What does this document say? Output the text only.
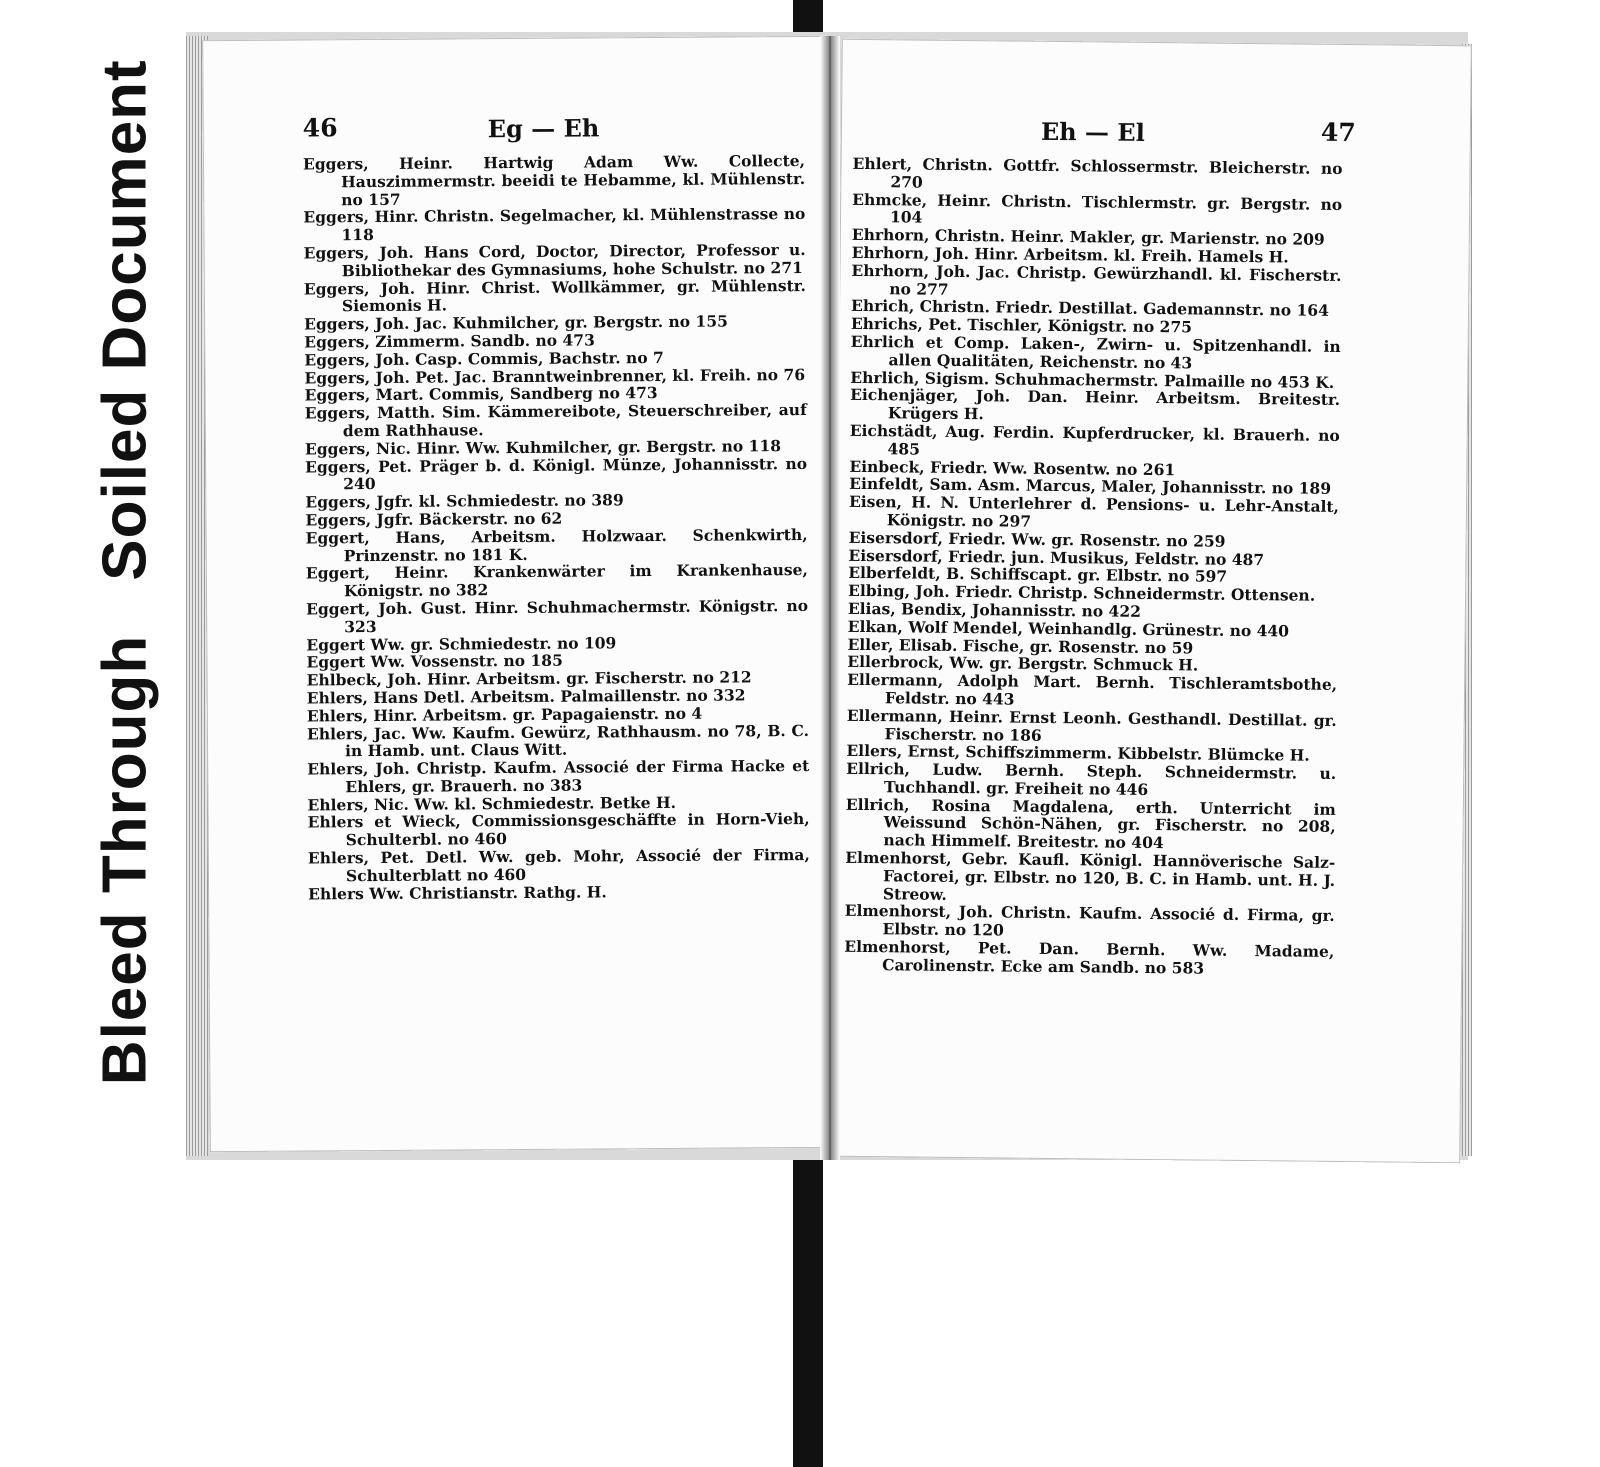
Soiled Document
Bleed Through
46	Eg — Eh

Eggers, Heinr. Hartwig Adam Ww. Collecte, Hauszimmermstr. beeidi te Hebamme, kl. Mühlenstr. no 157

Eggers, Hinr. Christn. Segelmacher, kl. Mühlenstrasse no 118

Eggers, Joh. Hans Cord, Doctor, Director, Professor u. Bibliothekar des Gymnasiums, hohe Schulstr. no 271

Eggers, Joh. Hinr. Christ. Wollkämmer, gr. Mühlenstr. Siemonis H.

Eggers, Joh. Jac. Kuhmilcher, gr. Bergstr. no 155

Eggers, Zimmerm. Sandb. no 473

Eggers, Joh. Casp. Commis, Bachstr. no 7

Eggers, Joh. Pet. Jac. Branntweinbrenner, kl. Freih. no 76

Eggers, Mart. Commis, Sandberg no 473

Eggers, Matth. Sim. Kämmereibote, Steuerschreiber, auf dem Rathhause.

Eggers, Nic. Hinr. Ww. Kuhmilcher, gr. Bergstr. no 118

Eggers, Pet. Präger b. d. Königl. Münze, Johannisstr. no 240

Eggers, Jgfr. kl. Schmiedestr. no 389

Eggers, Jgfr. Bäckerstr. no 62

Eggert, Hans, Arbeitsm. Holzwaar. Schenkwirth, Prinzenstr. no 181 K.

Eggert, Heinr. Krankenwärter im Krankenhause, Königstr. no 382

Eggert, Joh. Gust. Hinr. Schuhmachermstr. Königstr. no 323

Eggert Ww. gr. Schmiedestr. no 109

Eggert Ww. Vossenstr. no 185

Ehlbeck, Joh. Hinr. Arbeitsm. gr. Fischerstr. no 212

Ehlers, Hans Detl. Arbeitsm. Palmaillenstr. no 332

Ehlers, Hinr. Arbeitsm. gr. Papagaienstr. no 4

Ehlers, Jac. Ww. Kaufm. Gewürz, Rathhausm. no 78, B. C. in Hamb. unt. Claus Witt.

Ehlers, Joh. Christp. Kaufm. Associé der Firma Hacke et Ehlers, gr. Brauerh. no 383

Ehlers, Nic. Ww. kl. Schmiedestr. Betke H.

Ehlers et Wieck, Commissionsgeschäffte in Horn-Vieh, Schulterbl. no 460

Ehlers, Pet. Detl. Ww. geb. Mohr, Associé der Firma, Schulterblatt no 460

Ehlers Ww. Christianstr. Rathg. H.

Eh — El	47

Ehlert, Christn. Gottfr. Schlossermstr. Bleicherstr. no 270

Ehmcke, Heinr. Christn. Tischlermstr. gr. Bergstr. no 104

Ehrhorn, Christn. Heinr. Makler, gr. Marienstr. no 209

Ehrhorn, Joh. Hinr. Arbeitsm. kl. Freih. Hamels H.

Ehrhorn, Joh. Jac. Christp. Gewürzhandl. kl. Fischerstr. no 277

Ehrich, Christn. Friedr. Destillat. Gademannstr. no 164

Ehrichs, Pet. Tischler, Königstr. no 275

Ehrlich et Comp. Laken-, Zwirn- u. Spitzenhandl. in allen Qualitäten, Reichenstr. no 43

Ehrlich, Sigism. Schuhmachermstr. Palmaille no 453 K.

Eichenjäger, Joh. Dan. Heinr. Arbeitsm. Breitestr. Krügers H.

Eichstädt, Aug. Ferdin. Kupferdrucker, kl. Brauerh. no 485

Einbeck, Friedr. Ww. Rosentw. no 261

Einfeldt, Sam. Asm. Marcus, Maler, Johannisstr. no 189

Eisen, H. N. Unterlehrer d. Pensions- u. Lehr-Anstalt, Königstr. no 297

Eisersdorf, Friedr. Ww. gr. Rosenstr. no 259

Eisersdorf, Friedr. jun. Musikus, Feldstr. no 487

Elberfeldt, B. Schiffscapt. gr. Elbstr. no 597

Elbing, Joh. Friedr. Christp. Schneidermstr. Ottensen.

Elias, Bendix, Johannisstr. no 422

Elkan, Wolf Mendel, Weinhandlg. Grünestr. no 440

Eller, Elisab. Fische, gr. Rosenstr. no 59

Ellerbrock, Ww. gr. Bergstr. Schmuck H.

Ellermann, Adolph Mart. Bernh. Tischleramtsbothe, Feldstr. no 443

Ellermann, Heinr. Ernst Leonh. Gesthandl. Destillat. gr. Fischerstr. no 186

Ellers, Ernst, Schiffszimmerm. Kibbelstr. Blümcke H.

Ellrich, Ludw. Bernh. Steph. Schneidermstr. u. Tuchhandl. gr. Freiheit no 446

Ellrich, Rosina Magdalena, erth. Unterricht im Weissund Schön-Nähen, gr. Fischerstr. no 208, nach Himmelf. Breitestr. no 404

Elmenhorst, Gebr. Kaufl. Königl. Hannöverische Salz-Factorei, gr. Elbstr. no 120, B. C. in Hamb. unt. H. J. Streow.

Elmenhorst, Joh. Christn. Kaufm. Associé d. Firma, gr. Elbstr. no 120

Elmenhorst, Pet. Dan. Bernh. Ww. Madame, Carolinenstr. Ecke am Sandb. no 583
